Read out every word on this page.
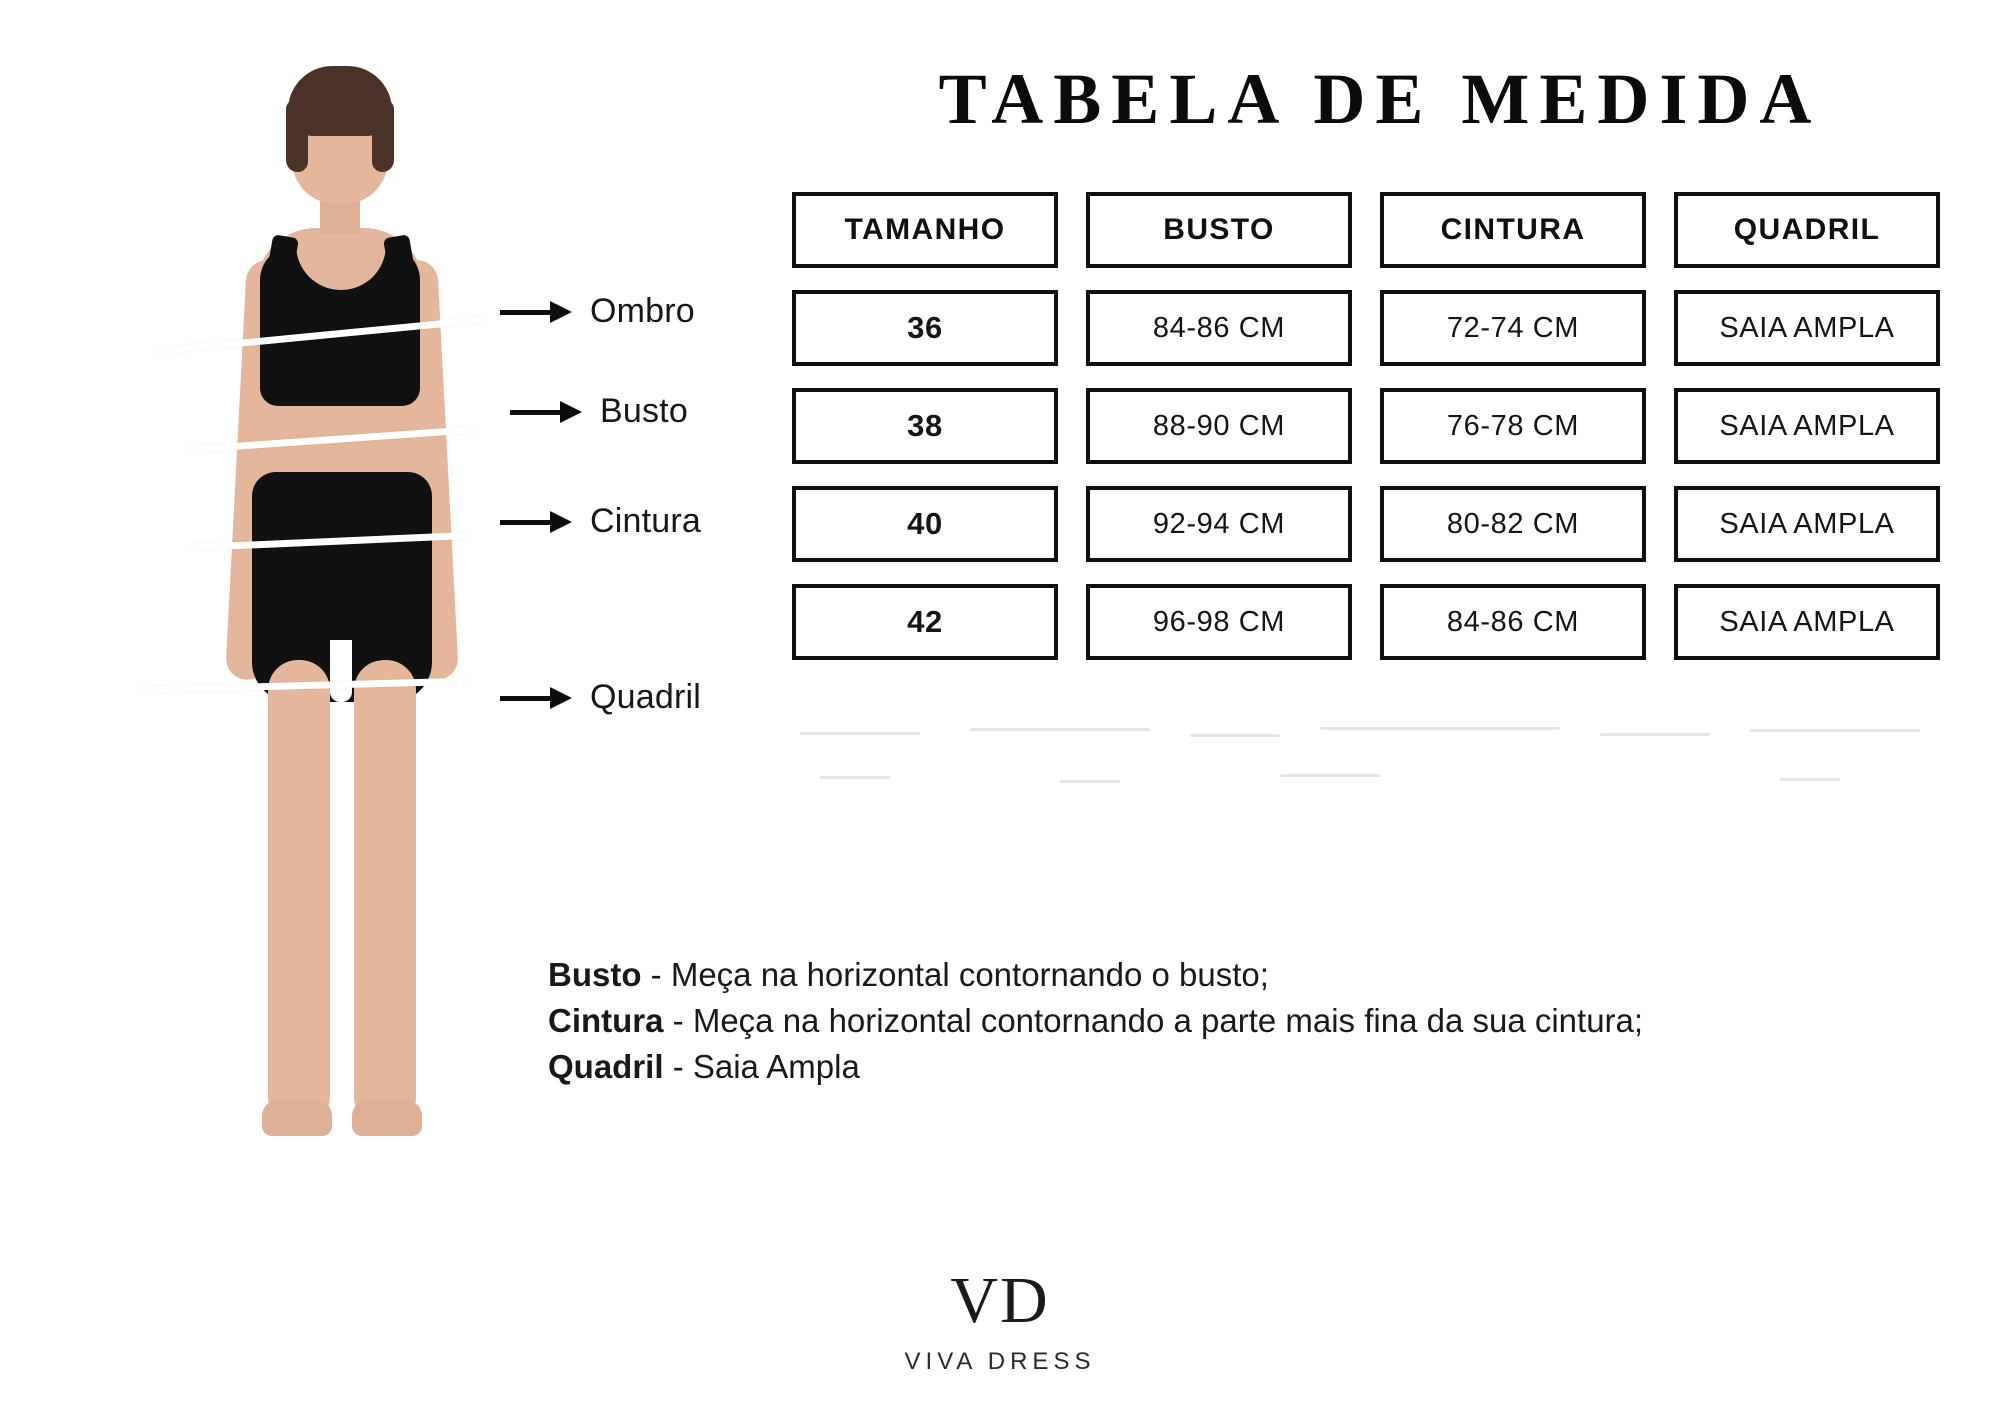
Ombro
Busto
Cintura
Quadril
TABELA DE MEDIDA
TAMANHO	BUSTO	CINTURA	QUADRIL
36	84-86 CM	72-74 CM	SAIA AMPLA
38	88-90 CM	76-78 CM	SAIA AMPLA
40	92-94 CM	80-82 CM	SAIA AMPLA
42	96-98 CM	84-86 CM	SAIA AMPLA
Busto - Meça na horizontal contornando o busto;
Cintura - Meça na horizontal contornando a parte mais fina da sua cintura;
Quadril - Saia Ampla
VD
VIVA DRESS
